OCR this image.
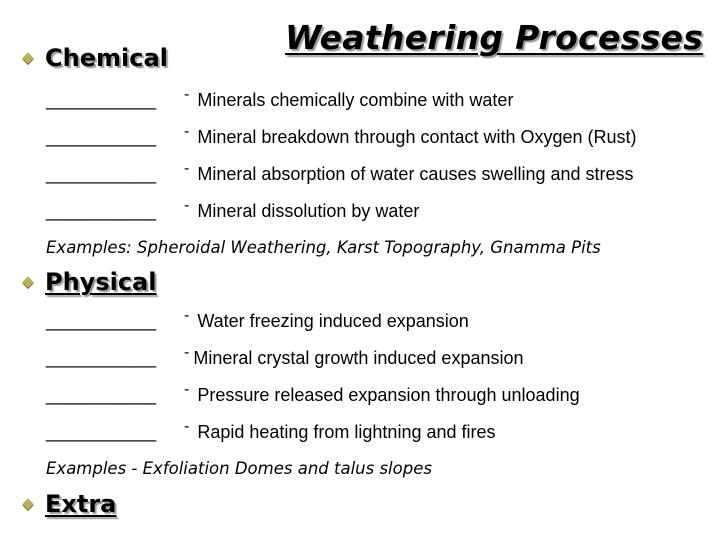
Weathering Processes
Chemical
___________	- Minerals chemically combine with water
___________	- Mineral breakdown through contact with Oxygen (Rust)
___________	- Mineral absorption of water causes swelling and stress
___________	- Mineral dissolution by water
Examples: Spheroidal Weathering, Karst Topography, Gnamma Pits
Physical
___________	- Water freezing induced expansion
___________	- Mineral crystal growth induced expansion
___________	- Pressure released expansion through unloading
___________	- Rapid heating from lightning and fires
Examples - Exfoliation Domes and talus slopes
Extra
